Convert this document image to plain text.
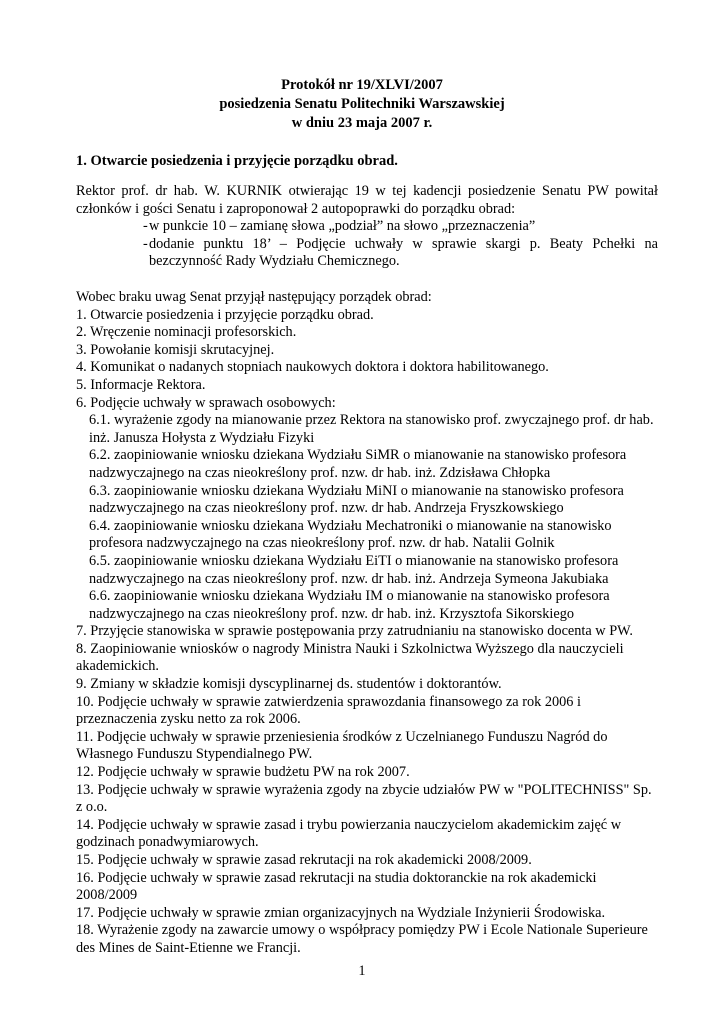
Protokół nr 19/XLVI/2007
posiedzenia Senatu Politechniki Warszawskiej
w dniu 23 maja 2007 r.
1. Otwarcie posiedzenia i przyjęcie porządku obrad.
Rektor prof. dr hab. W. KURNIK otwierając 19 w tej kadencji posiedzenie Senatu PW powitał członków i gości Senatu i zaproponował 2 autopoprawki do porządku obrad:
- w punkcie 10 – zamianę słowa „podział” na słowo „przeznaczenia”
- dodanie punktu 18’ – Podjęcie uchwały w sprawie skargi p. Beaty Pchełki na bezczynność Rady Wydziału Chemicznego.
Wobec braku uwag Senat przyjął następujący porządek obrad:
1. Otwarcie posiedzenia i przyjęcie porządku obrad.
2. Wręczenie nominacji profesorskich.
3. Powołanie komisji skrutacyjnej.
4. Komunikat o nadanych stopniach naukowych doktora i doktora habilitowanego.
5. Informacje Rektora.
6. Podjęcie uchwały w sprawach osobowych:
6.1. wyrażenie zgody na mianowanie przez Rektora na stanowisko prof. zwyczajnego prof. dr hab. inż. Janusza Hołysta z Wydziału Fizyki
6.2. zaopiniowanie wniosku dziekana Wydziału SiMR o mianowanie na stanowisko profesora nadzwyczajnego na czas nieokreślony prof. nzw. dr hab. inż. Zdzisława Chłopka
6.3. zaopiniowanie wniosku dziekana Wydziału MiNI o mianowanie na stanowisko profesora nadzwyczajnego na czas nieokreślony prof. nzw. dr hab. Andrzeja Fryszkowskiego
6.4. zaopiniowanie wniosku dziekana Wydziału Mechatroniki o mianowanie na stanowisko profesora nadzwyczajnego na czas nieokreślony prof. nzw. dr hab. Natalii Golnik
6.5. zaopiniowanie wniosku dziekana Wydziału EiTI o mianowanie na stanowisko profesora nadzwyczajnego na czas nieokreślony prof. nzw. dr hab. inż. Andrzeja Symeona Jakubiaka
6.6. zaopiniowanie wniosku dziekana Wydziału IM o mianowanie na stanowisko profesora nadzwyczajnego na czas nieokreślony prof. nzw. dr hab. inż. Krzysztofa Sikorskiego
7. Przyjęcie stanowiska w sprawie postępowania przy zatrudnianiu na stanowisko docenta w PW.
8. Zaopiniowanie wniosków o nagrody Ministra Nauki i Szkolnictwa Wyższego dla nauczycieli akademickich.
9. Zmiany w składzie komisji dyscyplinarnej ds. studentów i doktorantów.
10. Podjęcie uchwały w sprawie zatwierdzenia sprawozdania finansowego za rok 2006 i przeznaczenia zysku netto za rok 2006.
11. Podjęcie uchwały w sprawie przeniesienia środków z Uczelnianego Funduszu Nagród do Własnego Funduszu Stypendialnego PW.
12. Podjęcie uchwały w sprawie budżetu PW na rok 2007.
13. Podjęcie uchwały w sprawie wyrażenia zgody na zbycie udziałów PW w "POLITECHNISS" Sp. z o.o.
14. Podjęcie uchwały w sprawie zasad i trybu powierzania nauczycielom akademickim zajęć w godzinach ponadwymiarowych.
15. Podjęcie uchwały w sprawie zasad rekrutacji na rok akademicki 2008/2009.
16. Podjęcie uchwały w sprawie zasad rekrutacji na studia doktoranckie na rok akademicki 2008/2009
17. Podjęcie uchwały w sprawie zmian organizacyjnych na Wydziale Inżynierii Środowiska.
18. Wyrażenie zgody na zawarcie umowy o współpracy pomiędzy PW i Ecole Nationale Superieure des Mines de Saint-Etienne we Francji.
1
